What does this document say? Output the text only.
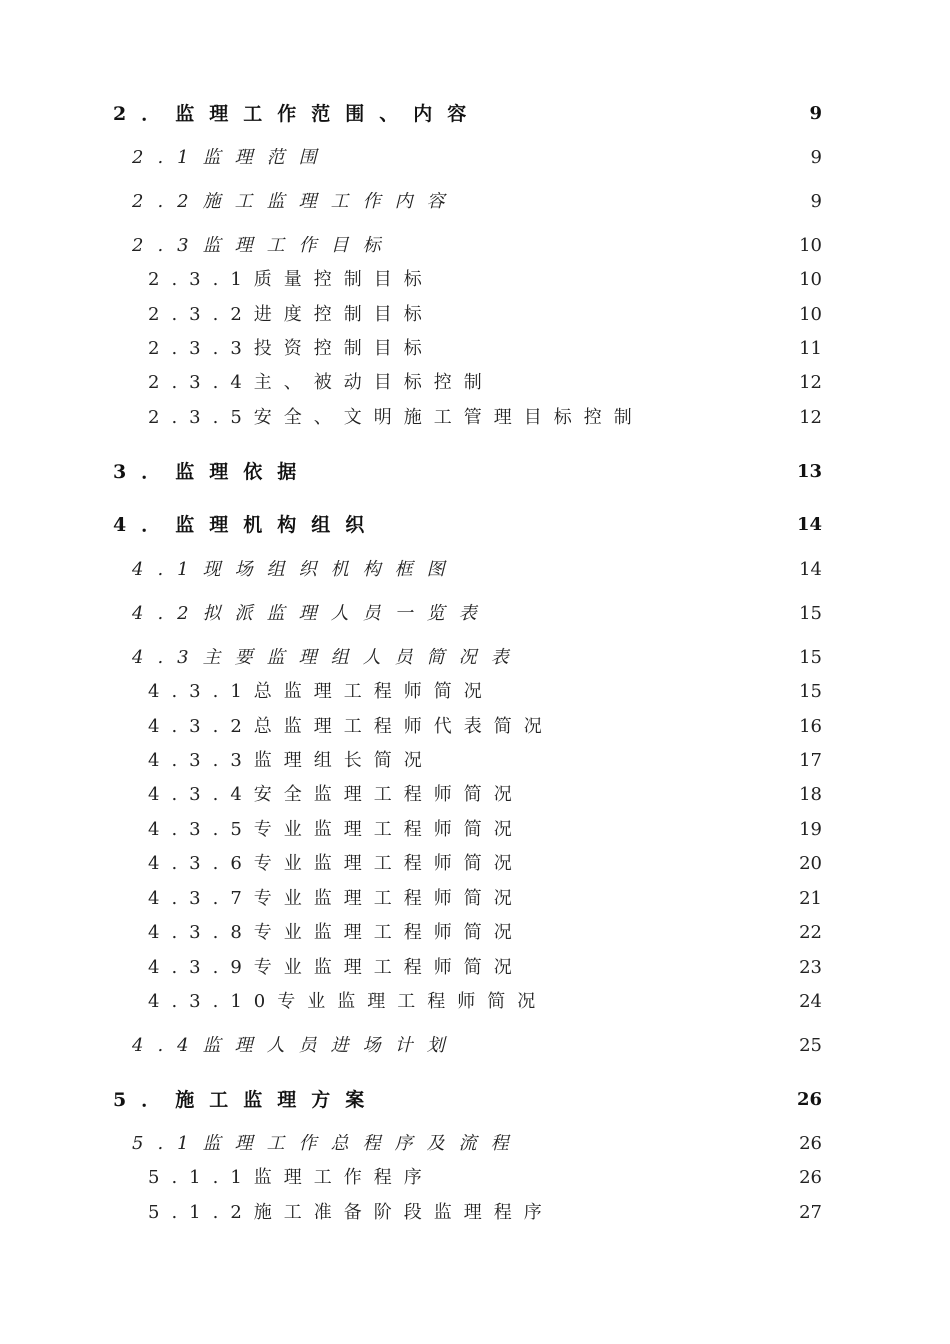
2．监理工作范围、内容	9
2.1监理范围	9
2.2施工监理工作内容	9
2.3监理工作目标	10
2.3.1质量控制目标	10
2.3.2进度控制目标	10
2.3.3投资控制目标	11
2.3.4主、被动目标控制	12
2.3.5安全、文明施工管理目标控制	12
3．监理依据	13
4．监理机构组织	14
4.1现场组织机构框图	14
4.2拟派监理人员一览表	15
4.3主要监理组人员简况表	15
4.3.1总监理工程师简况	15
4.3.2总监理工程师代表简况	16
4.3.3监理组长简况	17
4.3.4安全监理工程师简况	18
4.3.5专业监理工程师简况	19
4.3.6专业监理工程师简况	20
4.3.7专业监理工程师简况	21
4.3.8专业监理工程师简况	22
4.3.9专业监理工程师简况	23
4.3.10专业监理工程师简况	24
4.4监理人员进场计划	25
5．施工监理方案	26
5.1监理工作总程序及流程	26
5.1.1监理工作程序	26
5.1.2施工准备阶段监理程序	27
